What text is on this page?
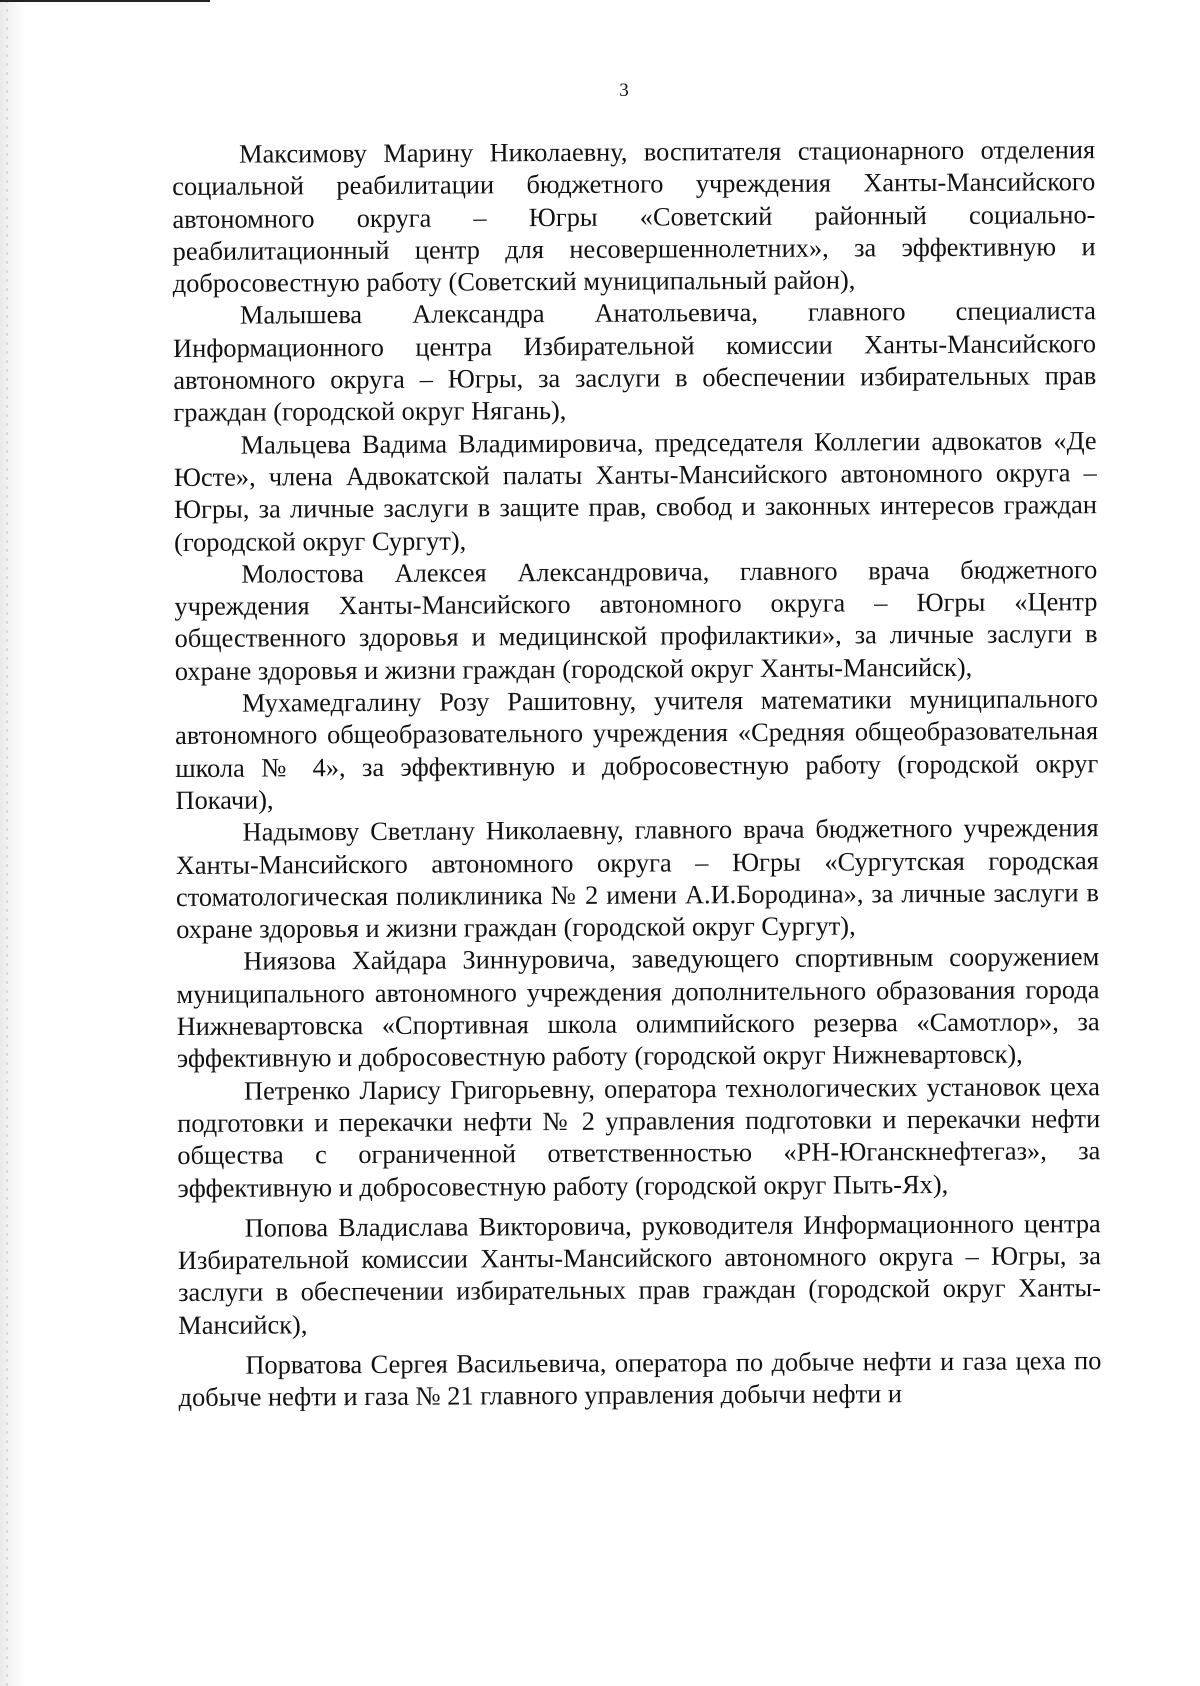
3

Максимову Марину Николаевну, воспитателя стационарного отделения социальной реабилитации бюджетного учреждения Ханты-Мансийского автономного округа – Югры «Советский районный социально-реабилитационный центр для несовершеннолетних», за эффективную и добросовестную работу (Советский муниципальный район),

Малышева Александра Анатольевича, главного специалиста Информационного центра Избирательной комиссии Ханты-Мансийского автономного округа – Югры, за заслуги в обеспечении избирательных прав граждан (городской округ Нягань),

Мальцева Вадима Владимировича, председателя Коллегии адвокатов «Де Юсте», члена Адвокатской палаты Ханты-Мансийского автономного округа – Югры, за личные заслуги в защите прав, свобод и законных интересов граждан (городской округ Сургут),

Молостова Алексея Александровича, главного врача бюджетного учреждения Ханты-Мансийского автономного округа – Югры «Центр общественного здоровья и медицинской профилактики», за личные заслуги в охране здоровья и жизни граждан (городской округ Ханты-Мансийск),

Мухамедгалину Розу Рашитовну, учителя математики муниципального автономного общеобразовательного учреждения «Средняя общеобразовательная школа № 4», за эффективную и добросовестную работу (городской округ Покачи),

Надымову Светлану Николаевну, главного врача бюджетного учреждения Ханты-Мансийского автономного округа – Югры «Сургутская городская стоматологическая поликлиника № 2 имени А.И.Бородина», за личные заслуги в охране здоровья и жизни граждан (городской округ Сургут),

Ниязова Хайдара Зиннуровича, заведующего спортивным сооружением муниципального автономного учреждения дополнительного образования города Нижневартовска «Спортивная школа олимпийского резерва «Самотлор», за эффективную и добросовестную работу (городской округ Нижневартовск),

Петренко Ларису Григорьевну, оператора технологических установок цеха подготовки и перекачки нефти № 2 управления подготовки и перекачки нефти общества с ограниченной ответственностью «РН-Юганскнефтегаз», за эффективную и добросовестную работу (городской округ Пыть-Ях),

Попова Владислава Викторовича, руководителя Информационного центра Избирательной комиссии Ханты-Мансийского автономного округа – Югры, за заслуги в обеспечении избирательных прав граждан (городской округ Ханты-Мансийск),

Порватова Сергея Васильевича, оператора по добыче нефти и газа цеха по добыче нефти и газа № 21 главного управления добычи нефти и
